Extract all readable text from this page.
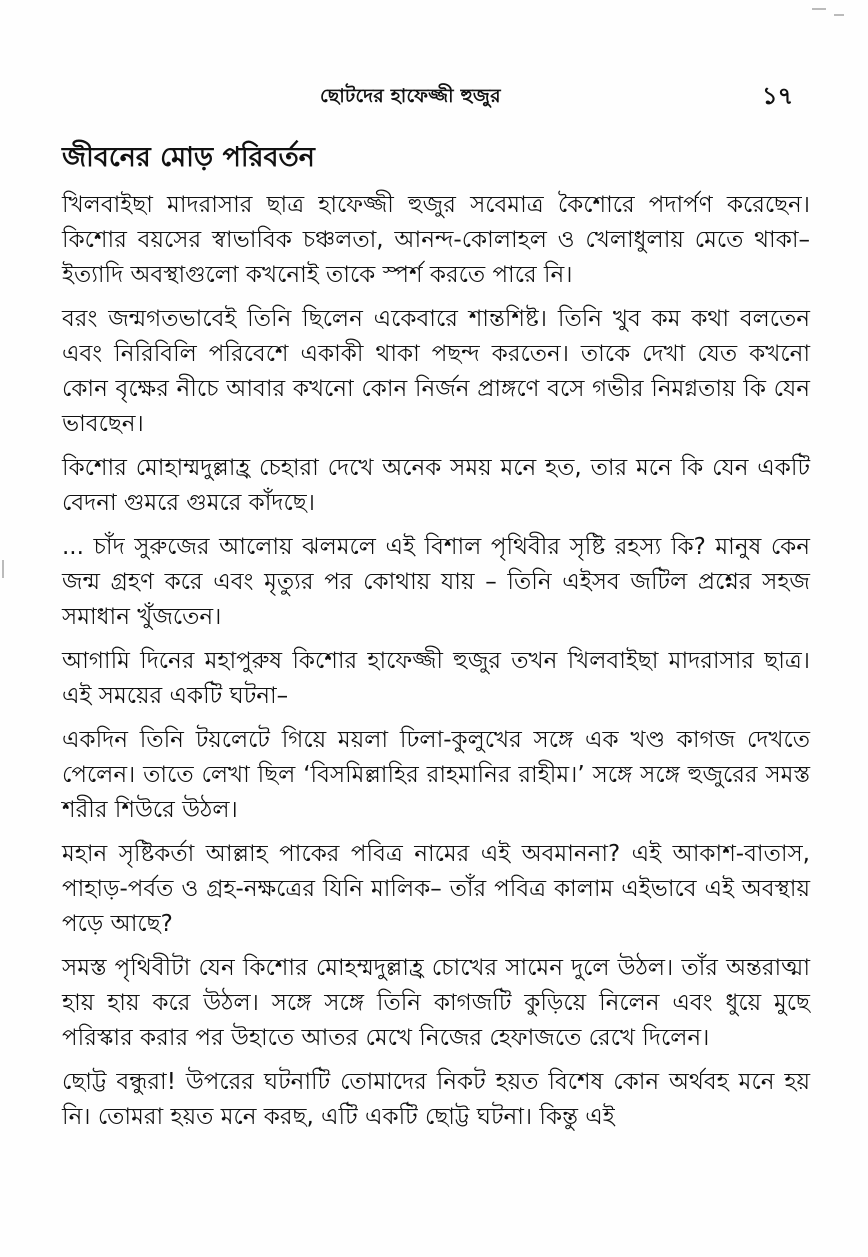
ছোটদের হাফেজ্জী হুজুর	১৭
জীবনের মোড় পরিবর্তন

খিলবাইছা মাদরাসার ছাত্র হাফেজ্জী হুজুর সবেমাত্র কৈশোরে পদার্পণ করেছেন। কিশোর বয়সের স্বাভাবিক চঞ্চলতা, আনন্দ-কোলাহল ও খেলাধুলায় মেতে থাকা– ইত্যাদি অবস্থাগুলো কখনোই তাকে স্পর্শ করতে পারে নি।

বরং জন্মগতভাবেই তিনি ছিলেন একেবারে শান্তশিষ্ট। তিনি খুব কম কথা বলতেন এবং নিরিবিলি পরিবেশে একাকী থাকা পছন্দ করতেন। তাকে দেখা যেত কখনো কোন বৃক্ষের নীচে আবার কখনো কোন নির্জন প্রাঙ্গণে বসে গভীর নিমগ্নতায় কি যেন ভাবছেন।

কিশোর মোহাম্মদুল্লাহ্র চেহারা দেখে অনেক সময় মনে হত, তার মনে কি যেন একটি বেদনা গুমরে গুমরে কাঁদছে।

... চাঁদ সুরুজের আলোয় ঝলমলে এই বিশাল পৃথিবীর সৃষ্টি রহস্য কি? মানুষ কেন জন্ম গ্রহণ করে এবং মৃত্যুর পর কোথায় যায় – তিনি এইসব জটিল প্রশ্নের সহজ সমাধান খুঁজতেন।

আগামি দিনের মহাপুরুষ কিশোর হাফেজ্জী হুজুর তখন খিলবাইছা মাদরাসার ছাত্র। এই সময়ের একটি ঘটনা–

একদিন তিনি টয়লেটে গিয়ে ময়লা ঢিলা-কুলুখের সঙ্গে এক খণ্ড কাগজ দেখতে পেলেন। তাতে লেখা ছিল ‘বিসমিল্লাহির রাহমানির রাহীম।’ সঙ্গে সঙ্গে হুজুরের সমস্ত শরীর শিউরে উঠল।

মহান সৃষ্টিকর্তা আল্লাহ পাকের পবিত্র নামের এই অবমাননা? এই আকাশ-বাতাস, পাহাড়-পর্বত ও গ্রহ-নক্ষত্রের যিনি মালিক– তাঁর পবিত্র কালাম এইভাবে এই অবস্থায় পড়ে আছে?

সমস্ত পৃথিবীটা যেন কিশোর মোহম্মদুল্লাহ্র চোখের সামেন দুলে উঠল। তাঁর অন্তরাত্মা হায় হায় করে উঠল। সঙ্গে সঙ্গে তিনি কাগজটি কুড়িয়ে নিলেন এবং ধুয়ে মুছে পরিস্কার করার পর উহাতে আতর মেখে নিজের হেফাজতে রেখে দিলেন।

ছোট্ট বন্ধুরা! উপরের ঘটনাটি তোমাদের নিকট হয়ত বিশেষ কোন অর্থবহ মনে হয় নি। তোমরা হয়ত মনে করছ, এটি একটি ছোট্ট ঘটনা। কিন্তু এই
